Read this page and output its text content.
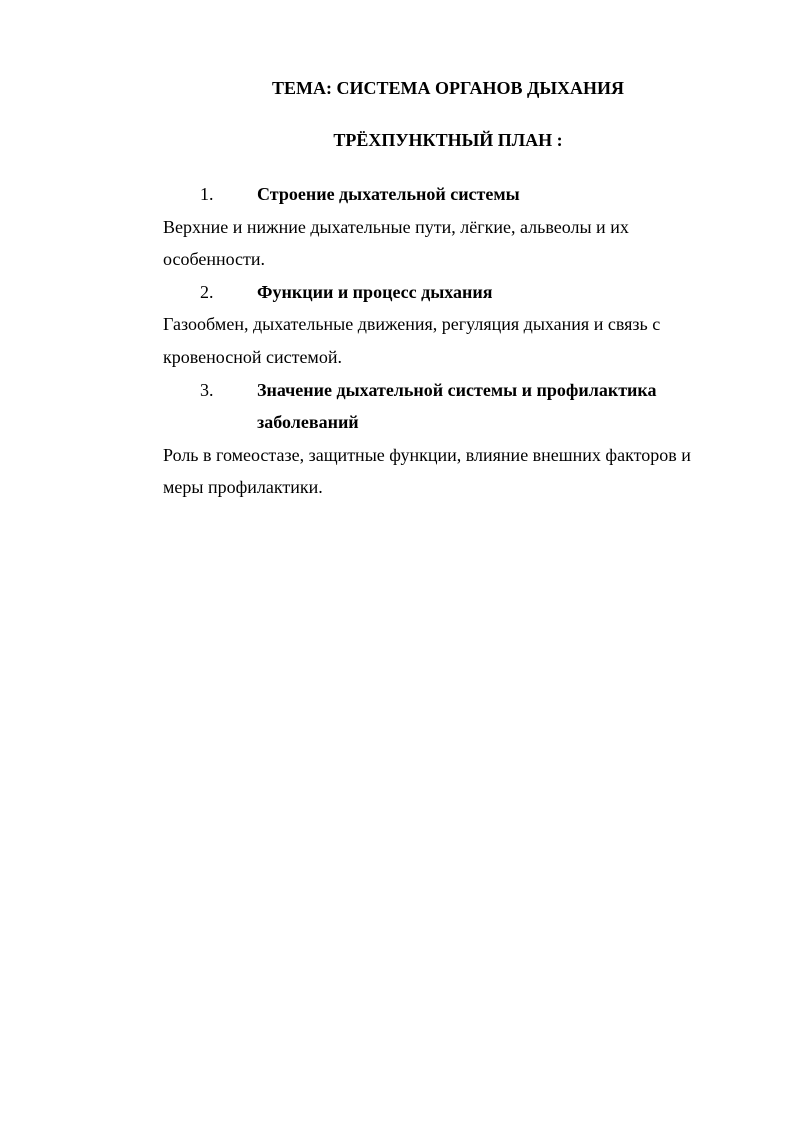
ТЕМА: СИСТЕМА ОРГАНОВ ДЫХАНИЯ
ТРЁХПУНКТНЫЙ ПЛАН :
1. Строение дыхательной системы
Верхние и нижние дыхательные пути, лёгкие, альвеолы и их особенности.
2. Функции и процесс дыхания
Газообмен, дыхательные движения, регуляция дыхания и связь с кровеносной системой.
3. Значение дыхательной системы и профилактика заболеваний
Роль в гомеостазе, защитные функции, влияние внешних факторов и меры профилактики.
